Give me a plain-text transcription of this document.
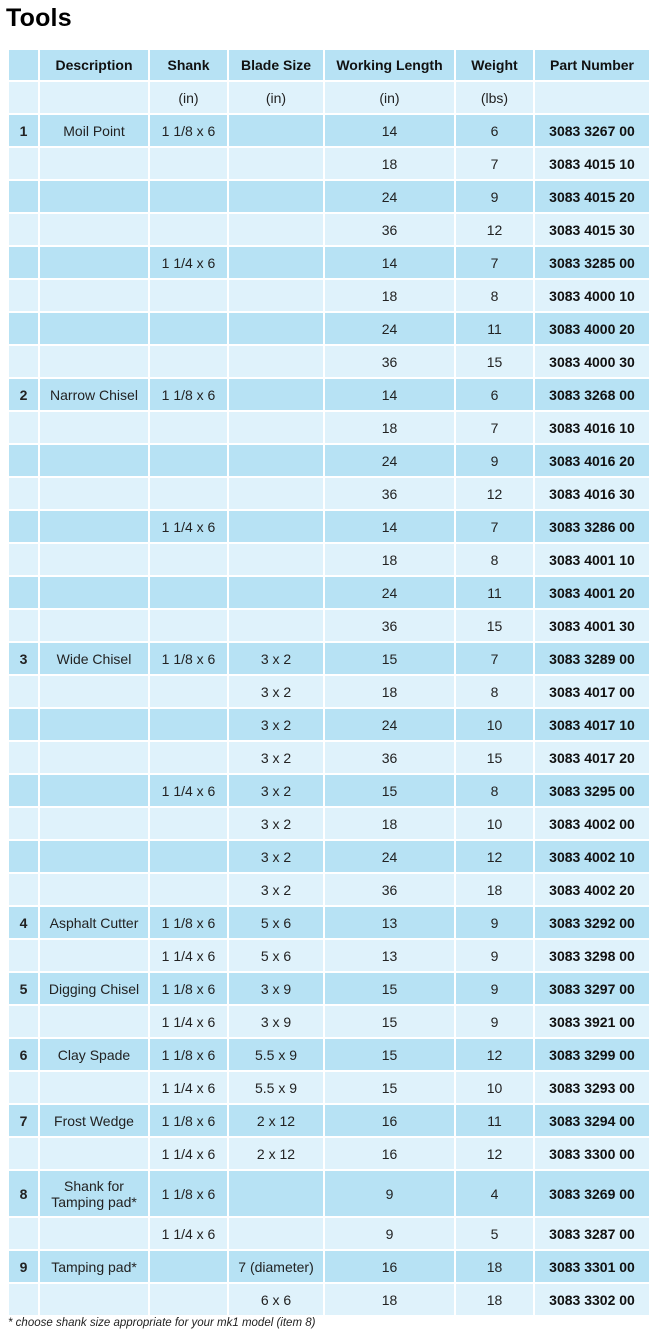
Tools
	Description	Shank	Blade Size	Working Length	Weight	Part Number
		(in)	(in)	(in)	(lbs)	
1	Moil Point	1 1/8 x 6		14	6	3083 3267 00
				18	7	3083 4015 10
				24	9	3083 4015 20
				36	12	3083 4015 30
		1 1/4 x 6		14	7	3083 3285 00
				18	8	3083 4000 10
				24	11	3083 4000 20
				36	15	3083 4000 30
2	Narrow Chisel	1 1/8 x 6		14	6	3083 3268 00
				18	7	3083 4016 10
				24	9	3083 4016 20
				36	12	3083 4016 30
		1 1/4 x 6		14	7	3083 3286 00
				18	8	3083 4001 10
				24	11	3083 4001 20
				36	15	3083 4001 30
3	Wide Chisel	1 1/8 x 6	3 x 2	15	7	3083 3289 00
			3 x 2	18	8	3083 4017 00
			3 x 2	24	10	3083 4017 10
			3 x 2	36	15	3083 4017 20
		1 1/4 x 6	3 x 2	15	8	3083 3295 00
			3 x 2	18	10	3083 4002 00
			3 x 2	24	12	3083 4002 10
			3 x 2	36	18	3083 4002 20
4	Asphalt Cutter	1 1/8 x 6	5 x 6	13	9	3083 3292 00
		1 1/4 x 6	5 x 6	13	9	3083 3298 00
5	Digging Chisel	1 1/8 x 6	3 x 9	15	9	3083 3297 00
		1 1/4 x 6	3 x 9	15	9	3083 3921 00
6	Clay Spade	1 1/8 x 6	5.5 x 9	15	12	3083 3299 00
		1 1/4 x 6	5.5 x 9	15	10	3083 3293 00
7	Frost Wedge	1 1/8 x 6	2 x 12	16	11	3083 3294 00
		1 1/4 x 6	2 x 12	16	12	3083 3300 00
8	Shank for Tamping pad*	1 1/8 x 6		9	4	3083 3269 00
		1 1/4 x 6		9	5	3083 3287 00
9	Tamping pad*		7 (diameter)	16	18	3083 3301 00
			6 x 6	18	18	3083 3302 00
* choose shank size appropriate for your mk1 model (item 8)
